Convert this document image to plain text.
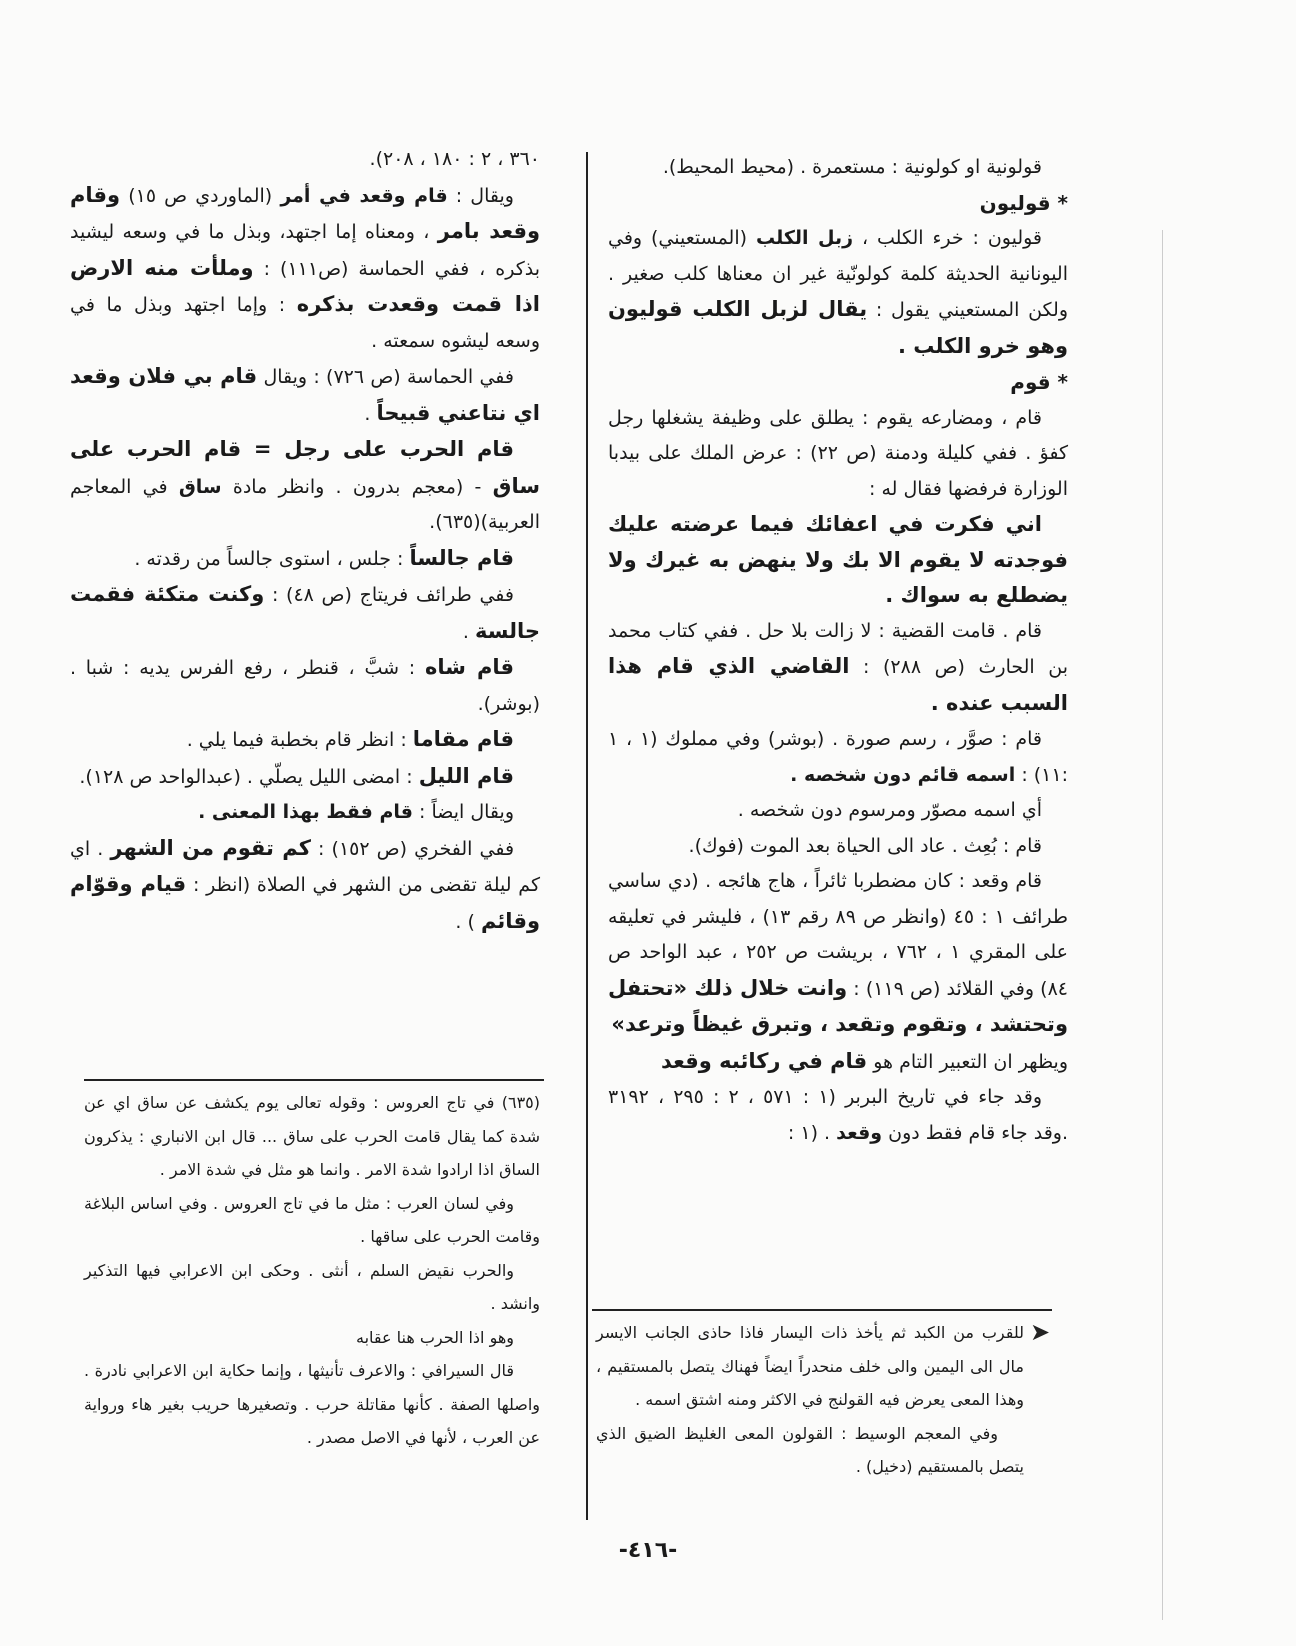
قولونية او كولونية : مستعمرة . (محيط المحيط).

* قوليون

قوليون : خرء الكلب ، زبل الكلب (المستعيني) وفي اليونانية الحديثة كلمة كولونّية غير ان معناها كلب صغير . ولكن المستعيني يقول : يقال لزبل الكلب قوليون وهو خرو الكلب .

* قوم

قام ، ومضارعه يقوم : يطلق على وظيفة يشغلها رجل كفؤ . ففي كليلة ودمنة (ص ٢٢) : عرض الملك على بيدبا الوزارة فرفضها فقال له :

اني فكرت في اعفائك فيما عرضته عليك فوجدته لا يقوم الا بك ولا ينهض به غيرك ولا يضطلع به سواك .

قام . قامت القضية : لا زالت بلا حل . ففي كتاب محمد بن الحارث (ص ٢٨٨) : القاضي الذي قام هذا السبب عنده .

قام : صوَّر ، رسم صورة . (بوشر) وفي مملوك (١ ، ١ :١١) : اسمه قائم دون شخصه .

أي اسمه مصوّر ومرسوم دون شخصه .

قام : بُعِث . عاد الى الحياة بعد الموت (فوك).

قام وقعد : كان مضطربا ثائراً ، هاج هائجه . (دي ساسي طرائف ١ : ٤٥ (وانظر ص ٨٩ رقم ١٣) ، فليشر في تعليقه على المقري ١ ، ٧٦٢ ، بريشت ص ٢٥٢ ، عبد الواحد ص ٨٤) وفي القلائد (ص ١١٩) : وانت خلال ذلك «تحتفل وتحتشد ، وتقوم وتقعد ، وتبرق غيظاً وترعد»

ويظهر ان التعبير التام هو قام في ركائبه وقعد

وقد جاء في تاريخ البربر (١ : ٥٧١ ، ٢ : ٢٩٥ ، ٣١٩٢ .وقد جاء قام فقط دون وقعد . (١ :

٣٦٠ ، ٢ : ١٨٠ ، ٢٠٨).

ويقال : قام وقعد في أمر (الماوردي ص ١٥) وقام وقعد بامر ، ومعناه إما اجتهد، وبذل ما في وسعه ليشيد بذكره ، ففي الحماسة (ص١١١) : وملأت منه الارض اذا قمت وقعدت بذكره : وإما اجتهد وبذل ما في وسعه ليشوه سمعته .

ففي الحماسة (ص ٧٢٦) : ويقال قام بي فلان وقعد اي نتاعني قبيحاً .

قام الحرب على رجل = قام الحرب على ساق - (معجم بدرون . وانظر مادة ساق في المعاجم العربية)(٦٣٥).

قام جالساً : جلس ، استوى جالساً من رقدته .

ففي طرائف فريتاج (ص ٤٨) : وكنت متكئة فقمت جالسة .

قام شاه : شبَّ ، قنطر ، رفع الفرس يديه : شبا . (بوشر).

قام مقاما : انظر قام بخطبة فيما يلي .

قام الليل : امضى الليل يصلّي . (عبدالواحد ص ١٢٨).

ويقال ايضاً : قام فقط بهذا المعنى .

ففي الفخري (ص ١٥٢) : كم تقوم من الشهر . اي كم ليلة تقضى من الشهر في الصلاة (انظر : قيام وقوّام وقائم ) .

(٦٣٥) في تاج العروس : وقوله تعالى يوم يكشف عن ساق اي عن شدة كما يقال قامت الحرب على ساق ... قال ابن الانباري : يذكرون الساق اذا ارادوا شدة الامر . وانما هو مثل في شدة الامر .

وفي لسان العرب : مثل ما في تاج العروس . وفي اساس البلاغة وقامت الحرب على ساقها .

والحرب نقيض السلم ، أنثى . وحكى ابن الاعرابي فيها التذكير وانشد .

وهو اذا الحرب هنا عقابه

قال السيرافي : والاعرف تأنيثها ، وإنما حكاية ابن الاعرابي نادرة . واصلها الصفة . كأنها مقاتلة حرب . وتصغيرها حريب بغير هاء ورواية عن العرب ، لأنها في الاصل مصدر .

➤

للقرب من الكبد ثم يأخذ ذات اليسار فاذا حاذى الجانب الايسر مال الى اليمين والى خلف منحدراً ايضاً فهناك يتصل بالمستقيم ، وهذا المعى يعرض فيه القولنج في الاكثر ومنه اشتق اسمه .

وفي المعجم الوسيط : القولون المعى الغليظ الضيق الذي يتصل بالمستقيم (دخيل) .

-٤١٦-
